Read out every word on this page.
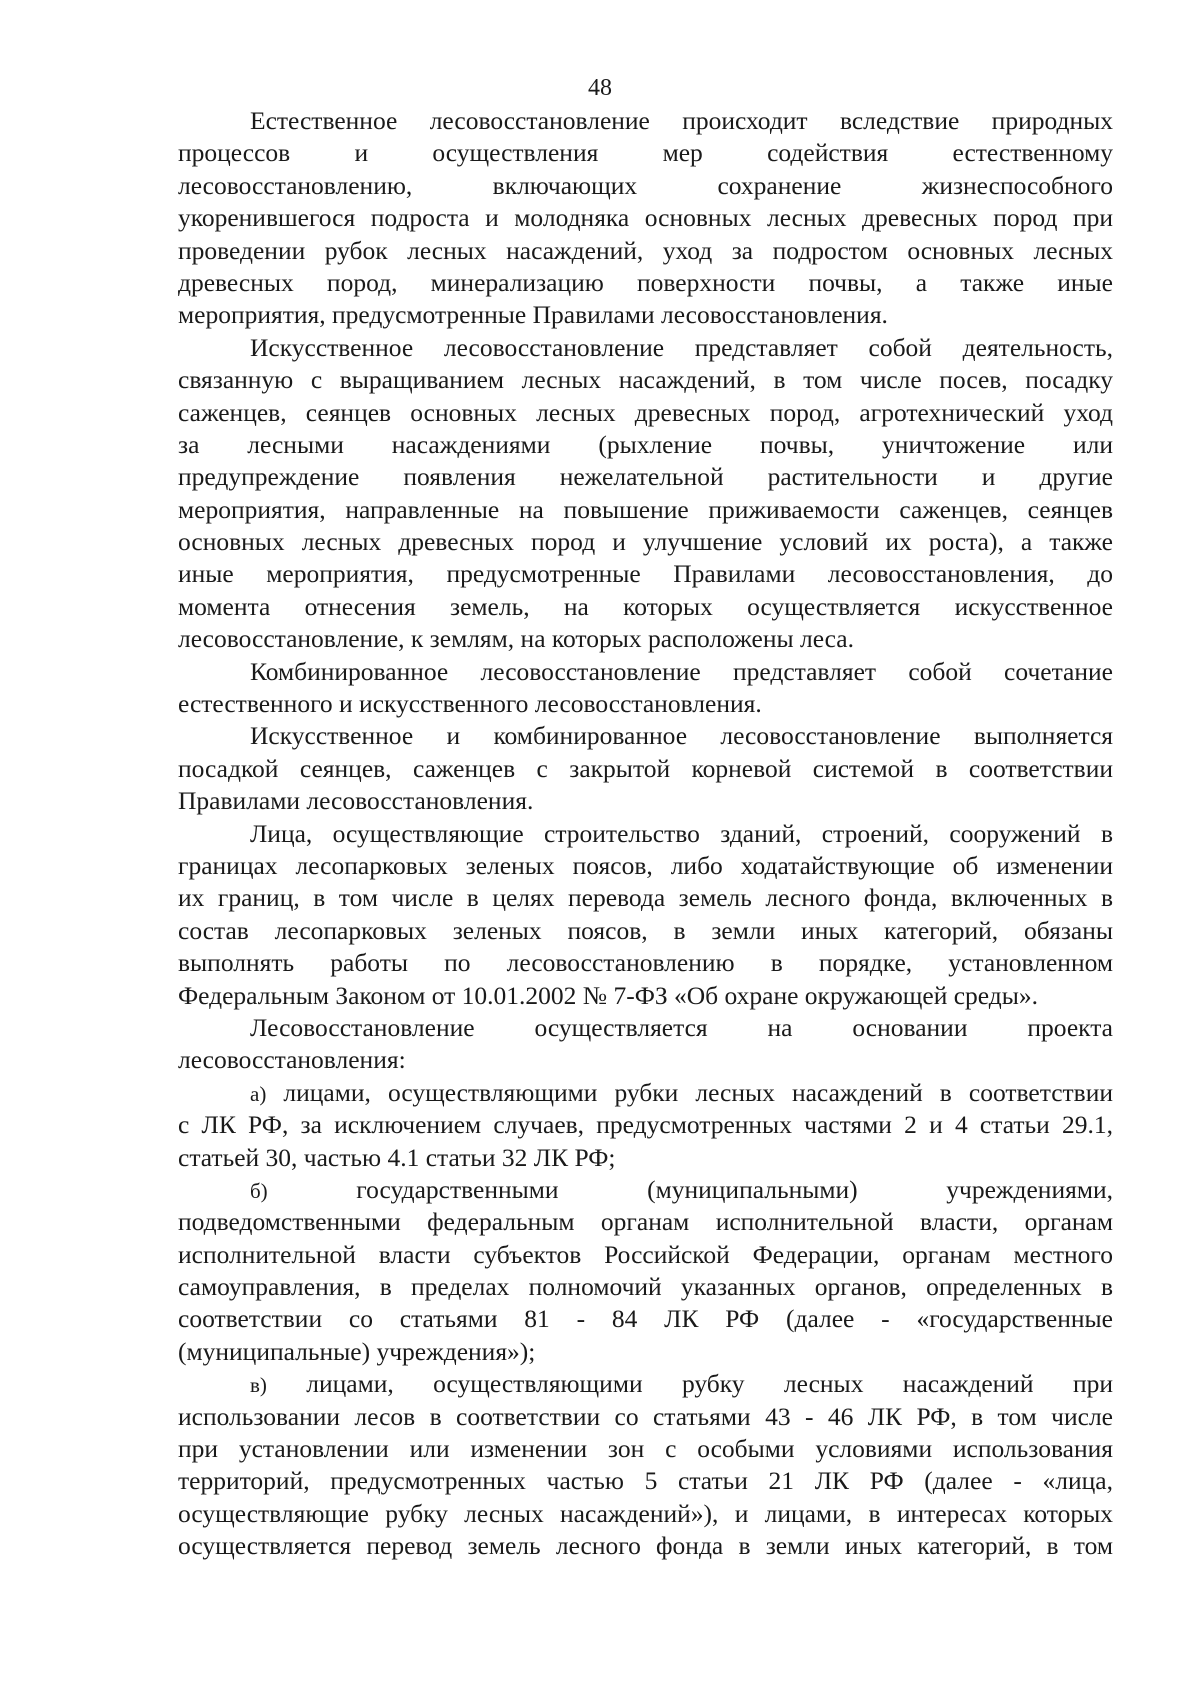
48
Естественное лесовосстановление происходит вследствие природных
процессов и осуществления мер содействия естественному
лесовосстановлению, включающих сохранение жизнеспособного
укоренившегося подроста и молодняка основных лесных древесных пород при
проведении рубок лесных насаждений, уход за подростом основных лесных
древесных пород, минерализацию поверхности почвы, а также иные
мероприятия, предусмотренные Правилами лесовосстановления.
Искусственное лесовосстановление представляет собой деятельность,
связанную с выращиванием лесных насаждений, в том числе посев, посадку
саженцев, сеянцев основных лесных древесных пород, агротехнический уход
за лесными насаждениями (рыхление почвы, уничтожение или
предупреждение появления нежелательной растительности и другие
мероприятия, направленные на повышение приживаемости саженцев, сеянцев
основных лесных древесных пород и улучшение условий их роста), а также
иные мероприятия, предусмотренные Правилами лесовосстановления, до
момента отнесения земель, на которых осуществляется искусственное
лесовосстановление, к землям, на которых расположены леса.
Комбинированное лесовосстановление представляет собой сочетание
естественного и искусственного лесовосстановления.
Искусственное и комбинированное лесовосстановление выполняется
посадкой сеянцев, саженцев с закрытой корневой системой в соответствии
Правилами лесовосстановления.
Лица, осуществляющие строительство зданий, строений, сооружений в
границах лесопарковых зеленых поясов, либо ходатайствующие об изменении
их границ, в том числе в целях перевода земель лесного фонда, включенных в
состав лесопарковых зеленых поясов, в земли иных категорий, обязаны
выполнять работы по лесовосстановлению в порядке, установленном
Федеральным Законом от 10.01.2002 № 7-ФЗ «Об охране окружающей среды».
Лесовосстановление осуществляется на основании проекта
лесовосстановления:
а) лицами, осуществляющими рубки лесных насаждений в соответствии
с ЛК РФ, за исключением случаев, предусмотренных частями 2 и 4 статьи 29.1,
статьей 30, частью 4.1 статьи 32 ЛК РФ;
б) государственными (муниципальными) учреждениями,
подведомственными федеральным органам исполнительной власти, органам
исполнительной власти субъектов Российской Федерации, органам местного
самоуправления, в пределах полномочий указанных органов, определенных в
соответствии со статьями 81 - 84 ЛК РФ (далее - «государственные
(муниципальные) учреждения»);
в) лицами, осуществляющими рубку лесных насаждений при
использовании лесов в соответствии со статьями 43 - 46 ЛК РФ, в том числе
при установлении или изменении зон с особыми условиями использования
территорий, предусмотренных частью 5 статьи 21 ЛК РФ (далее - «лица,
осуществляющие рубку лесных насаждений»), и лицами, в интересах которых
осуществляется перевод земель лесного фонда в земли иных категорий, в том
